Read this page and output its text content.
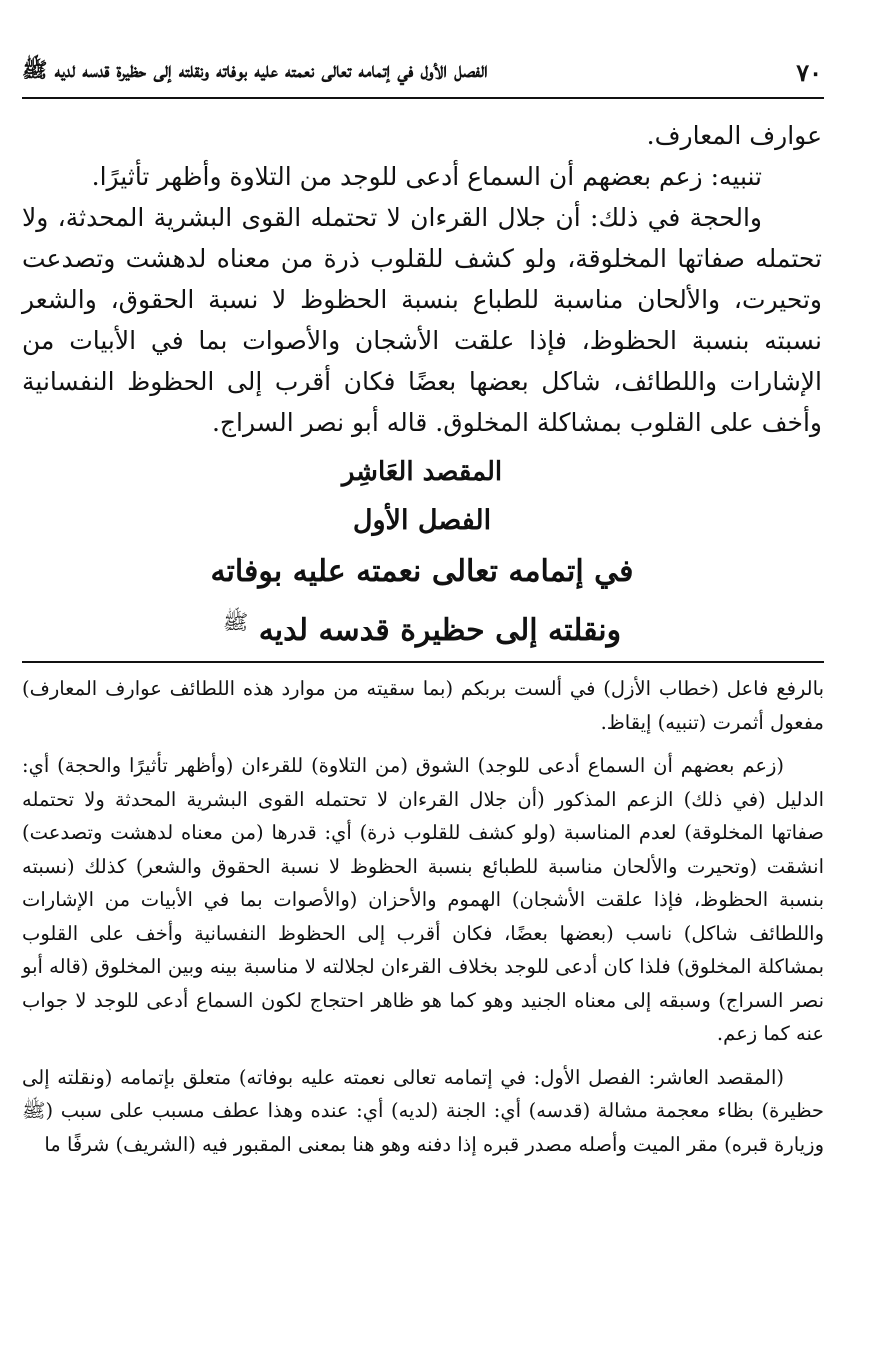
٧٠
الفصل الأول في إتمامه تعالى نعمته عليه بوفاته ونقلته إلى حظيرة قدسه لديه ﷺ

عوارف المعارف.

تنبيه: زعم بعضهم أن السماع أدعى للوجد من التلاوة وأظهر تأثيرًا.

والحجة في ذلك: أن جلال القرءان لا تحتمله القوى البشرية المحدثة، ولا تحتمله صفاتها المخلوقة، ولو كشف للقلوب ذرة من معناه لدهشت وتصدعت وتحيرت، والألحان مناسبة للطباع بنسبة الحظوظ لا نسبة الحقوق، والشعر نسبته بنسبة الحظوظ، فإذا علقت الأشجان والأصوات بما في الأبيات من الإشارات واللطائف، شاكل بعضها بعضًا فكان أقرب إلى الحظوظ النفسانية وأخف على القلوب بمشاكلة المخلوق. قاله أبو نصر السراج.

المقصد العَاشِر
الفصل الأول
في إتمامه تعالى نعمته عليه بوفاته
ونقلته إلى حظيرة قدسه لديه $^ﷺ$

بالرفع فاعل (خطاب الأزل) في ألست بربكم (بما سقيته من موارد هذه اللطائف عوارف المعارف) مفعول أثمرت (تنبيه) إيقاظ.

(زعم بعضهم أن السماع أدعى للوجد) الشوق (من التلاوة) للقرءان (وأظهر تأثيرًا والحجة) أي: الدليل (في ذلك) الزعم المذكور (أن جلال القرءان لا تحتمله القوى البشرية المحدثة ولا تحتمله صفاتها المخلوقة) لعدم المناسبة (ولو كشف للقلوب ذرة) أي: قدرها (من معناه لدهشت وتصدعت) انشقت (وتحيرت والألحان مناسبة للطبائع بنسبة الحظوظ لا نسبة الحقوق والشعر) كذلك (نسبته بنسبة الحظوظ، فإذا علقت الأشجان) الهموم والأحزان (والأصوات بما في الأبيات من الإشارات واللطائف شاكل) ناسب (بعضها بعضًا، فكان أقرب إلى الحظوظ النفسانية وأخف على القلوب بمشاكلة المخلوق) فلذا كان أدعى للوجد بخلاف القرءان لجلالته لا مناسبة بينه وبين المخلوق (قاله أبو نصر السراج) وسبقه إلى معناه الجنيد وهو كما هو ظاهر احتجاج لكون السماع أدعى للوجد لا جواب عنه كما زعم.

(المقصد العاشر: الفصل الأول: في إتمامه تعالى نعمته عليه بوفاته) متعلق بإتمامه (ونقلته إلى حظيرة) بظاء معجمة مشالة (قدسه) أي: الجنة (لديه) أي: عنده وهذا عطف مسبب على سبب (ﷺ وزيارة قبره) مقر الميت وأصله مصدر قبره إذا دفنه وهو هنا بمعنى المقبور فيه (الشريف) شرفًا ما
